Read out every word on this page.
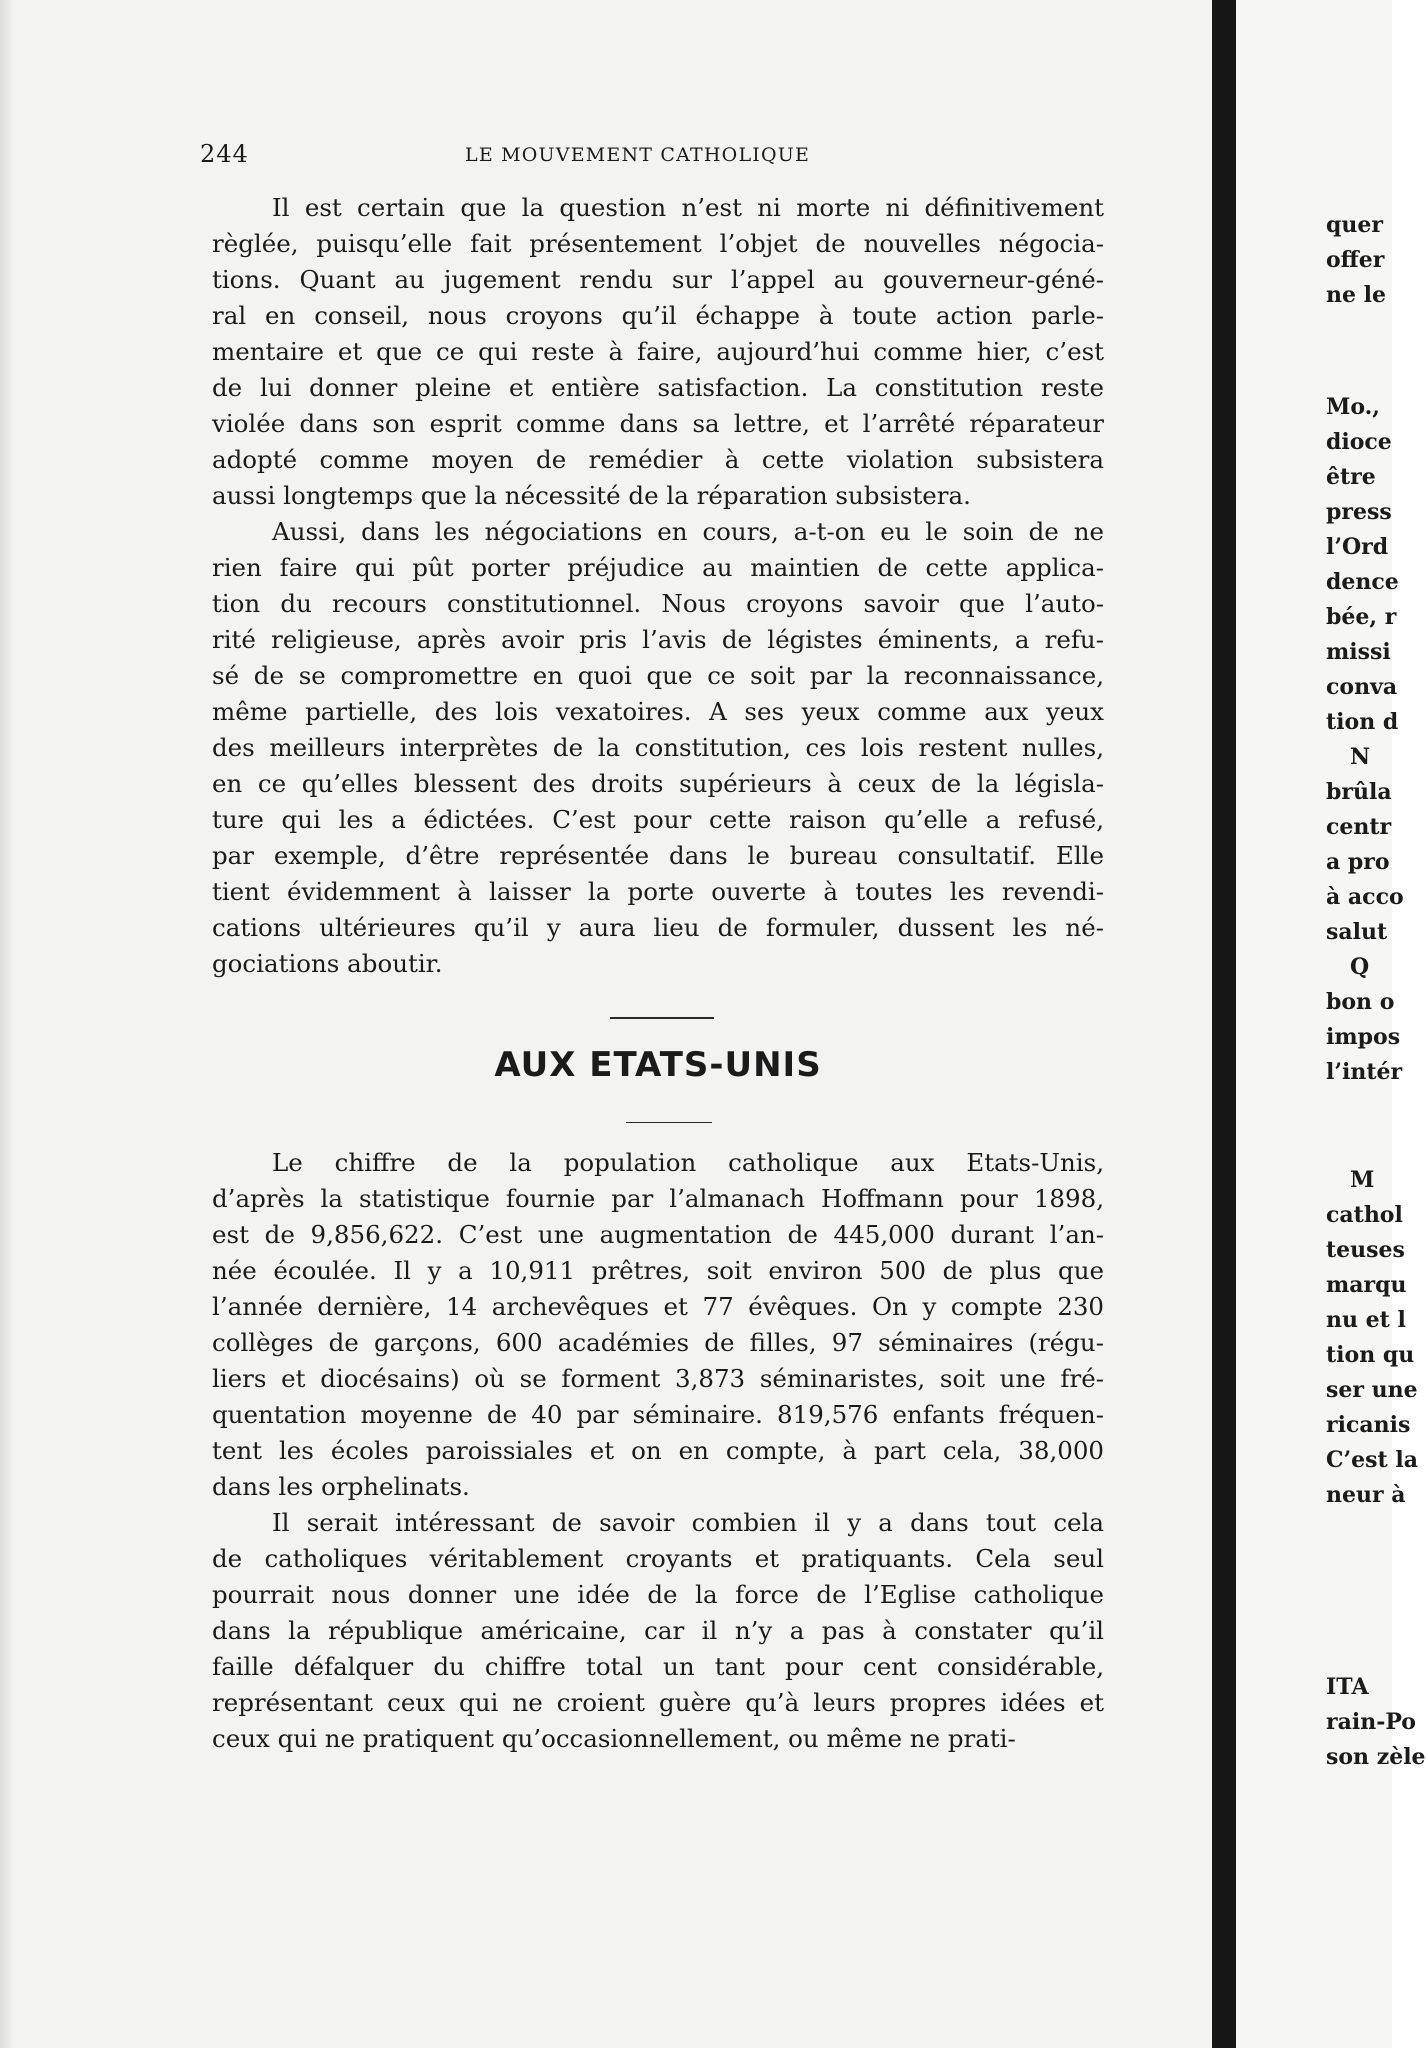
244	LE MOUVEMENT CATHOLIQUE
Il est certain que la question n’est ni morte ni définitivement
règlée, puisqu’elle fait présentement l’objet de nouvelles négocia-
tions. Quant au jugement rendu sur l’appel au gouverneur-géné-
ral en conseil, nous croyons qu’il échappe à toute action parle-
mentaire et que ce qui reste à faire, aujourd’hui comme hier, c’est
de lui donner pleine et entière satisfaction. La constitution reste
violée dans son esprit comme dans sa lettre, et l’arrêté réparateur
adopté comme moyen de remédier à cette violation subsistera
aussi longtemps que la nécessité de la réparation subsistera.
Aussi, dans les négociations en cours, a-t-on eu le soin de ne
rien faire qui pût porter préjudice au maintien de cette applica-
tion du recours constitutionnel. Nous croyons savoir que l’auto-
rité religieuse, après avoir pris l’avis de légistes éminents, a refu-
sé de se compromettre en quoi que ce soit par la reconnaissance,
même partielle, des lois vexatoires. A ses yeux comme aux yeux
des meilleurs interprètes de la constitution, ces lois restent nulles,
en ce qu’elles blessent des droits supérieurs à ceux de la législa-
ture qui les a édictées. C’est pour cette raison qu’elle a refusé,
par exemple, d’être représentée dans le bureau consultatif. Elle
tient évidemment à laisser la porte ouverte à toutes les revendi-
cations ultérieures qu’il y aura lieu de formuler, dussent les né-
gociations aboutir.
AUX ETATS-UNIS
Le chiffre de la population catholique aux Etats-Unis,
d’après la statistique fournie par l’almanach Hoffmann pour 1898,
est de 9,856,622. C’est une augmentation de 445,000 durant l’an-
née écoulée. Il y a 10,911 prêtres, soit environ 500 de plus que
l’année dernière, 14 archevêques et 77 évêques. On y compte 230
collèges de garçons, 600 académies de filles, 97 séminaires (régu-
liers et diocésains) où se forment 3,873 séminaristes, soit une fré-
quentation moyenne de 40 par séminaire. 819,576 enfants fréquen-
tent les écoles paroissiales et on en compte, à part cela, 38,000
dans les orphelinats.
Il serait intéressant de savoir combien il y a dans tout cela
de catholiques véritablement croyants et pratiquants. Cela seul
pourrait nous donner une idée de la force de l’Eglise catholique
dans la république américaine, car il n’y a pas à constater qu’il
faille défalquer du chiffre total un tant pour cent considérable,
représentant ceux qui ne croient guère qu’à leurs propres idées et
ceux qui ne pratiquent qu’occasionnellement, ou même ne prati-
quer
offer
ne le
Mo.,
dioce
être
press
l’Ord
dence
bée, r
missi
conva
tion d
N
brûla
centr
a pro
à acco
salut
Q
bon o
impos
l’intér
M
cathol
teuses
marqu
nu et l
tion qu
ser une
ricanis
C’est la
neur à
ITA
rain-Po
son zèle
